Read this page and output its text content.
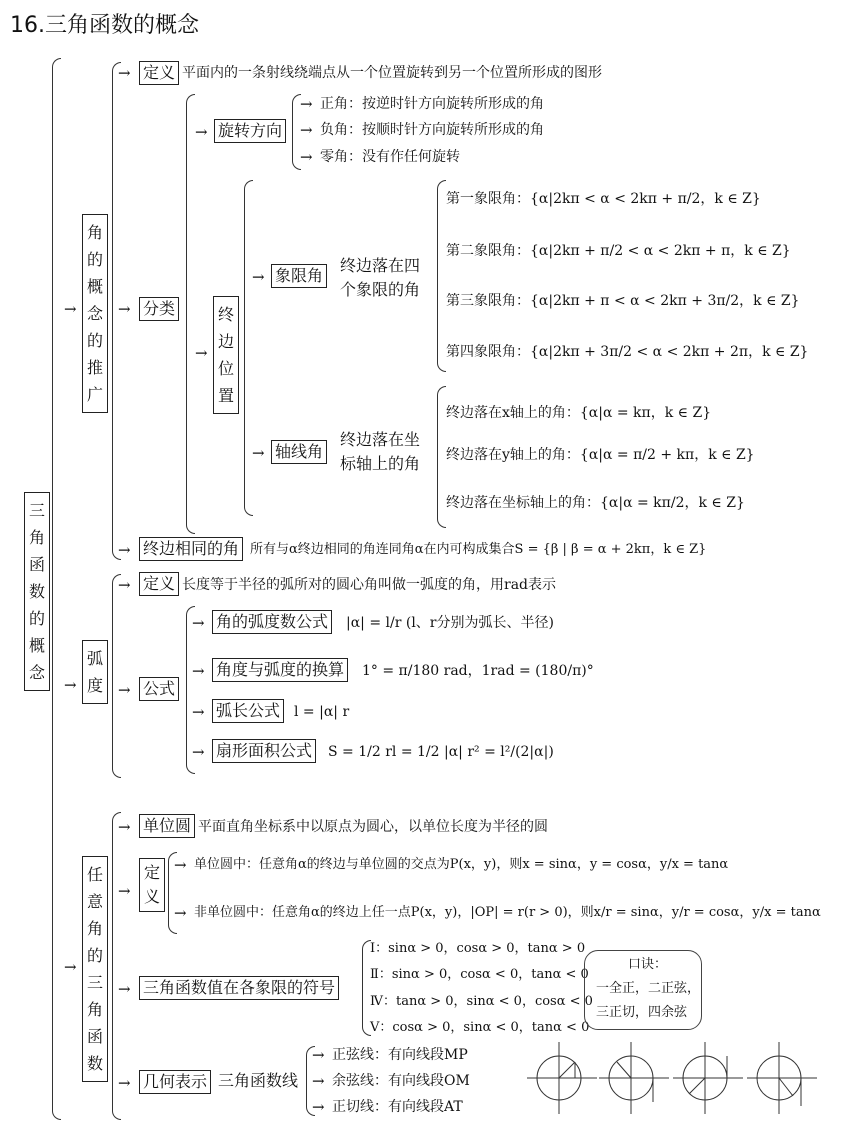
16.三角函数的概念
三角函数的概念
→
角的概念的推广
→ 定义 平面内的一条射线绕端点从一个位置旋转到另一个位置所形成的图形
→ 旋转方向
→ 正角：按逆时针方向旋转所形成的角
→ 负角：按顺时针方向旋转所形成的角
→ 零角：没有作任何旋转
→ 分类
→
终边位置
→ 象限角
终边落在四个象限的角
第一象限角：{α|2kπ < α < 2kπ + π/2，k ∈ Z}
第二象限角：{α|2kπ + π/2 < α < 2kπ + π，k ∈ Z}
第三象限角：{α|2kπ + π < α < 2kπ + 3π/2，k ∈ Z}
第四象限角：{α|2kπ + 3π/2 < α < 2kπ + 2π，k ∈ Z}
→ 轴线角
终边落在坐标轴上的角
终边落在x轴上的角：{α|α = kπ，k ∈ Z}
终边落在y轴上的角：{α|α = π/2 + kπ，k ∈ Z}
终边落在坐标轴上的角：{α|α = kπ/2，k ∈ Z}
→ 终边相同的角 所有与α终边相同的角连同角α在内可构成集合S = {β | β = α + 2kπ，k ∈ Z}
→
弧度
→ 定义 长度等于半径的弧所对的圆心角叫做一弧度的角，用rad表示
→ 公式
→ 角的弧度数公式 |α| = l/r (l、r分别为弧长、半径)
→ 角度与弧度的换算 1° = π/180 rad，1rad = (180/π)°
→ 弧长公式 l = |α| r
→ 扇形面积公式 S = 1/2 rl = 1/2 |α| r² = l²/(2|α|)
→
任意角的三角函数
→ 单位圆 平面直角坐标系中以原点为圆心，以单位长度为半径的圆
→
定义
→ 单位圆中：任意角α的终边与单位圆的交点为P(x，y)，则x = sinα，y = cosα，y/x = tanα
→ 非单位圆中：任意角α的终边上任一点P(x，y)，|OP| = r(r > 0)，则x/r = sinα，y/r = cosα，y/x = tanα
→ 三角函数值在各象限的符号
Ⅰ：sinα > 0，cosα > 0，tanα > 0
Ⅱ：sinα > 0，cosα < 0，tanα < 0
Ⅳ：tanα > 0，sinα < 0，cosα < 0
Ⅴ：cosα > 0，sinα < 0，tanα < 0
口诀：
一全正，二正弦，
三正切，四余弦
→ 几何表示 三角函数线
→ 正弦线：有向线段MP
→ 余弦线：有向线段OM
→ 正切线：有向线段AT
